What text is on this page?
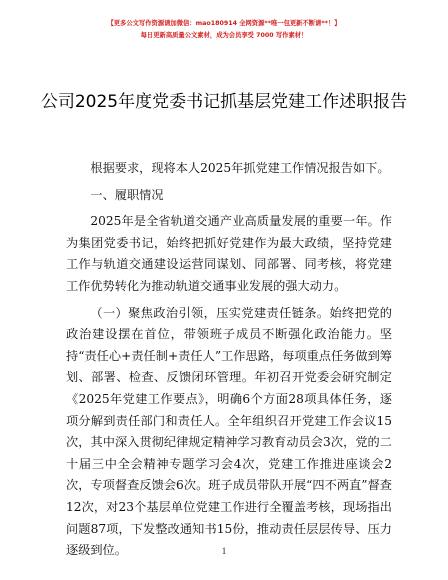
【更多公文写作资源请加微信：mao180914 全网资源**唯一包更新不断请**！】
每日更新高质量公文素材，成为会员享受 7000 写作素材！
公司2025年度党委书记抓基层党建工作述职报告

根据要求，现将本人2025年抓党建工作情况报告如下。

一、履职情况

2025年是全省轨道交通产业高质量发展的重要一年。作为集团党委书记，始终把抓好党建作为最大政绩，坚持党建工作与轨道交通建设运营同谋划、同部署、同考核，将党建工作优势转化为推动轨道交通事业发展的强大动力。

（一）聚焦政治引领，压实党建责任链条。始终把党的政治建设摆在首位，带领班子成员不断强化政治能力。坚持“责任心+责任制+责任人”工作思路，每项重点任务做到筹划、部署、检查、反馈闭环管理。年初召开党委会研究制定《2025年党建工作要点》，明确6个方面28项具体任务，逐项分解到责任部门和责任人。全年组织召开党建工作会议15次，其中深入贯彻纪律规定精神学习教育动员会3次，党的二十届三中全会精神专题学习会4次，党建工作推进座谈会2次，专项督查反馈会6次。班子成员带队开展“四不两直”督查12次，对23个基层单位党建工作进行全覆盖考核，现场指出问题87项，下发整改通知书15份，推动责任层层传导、压力逐级到位。	1
